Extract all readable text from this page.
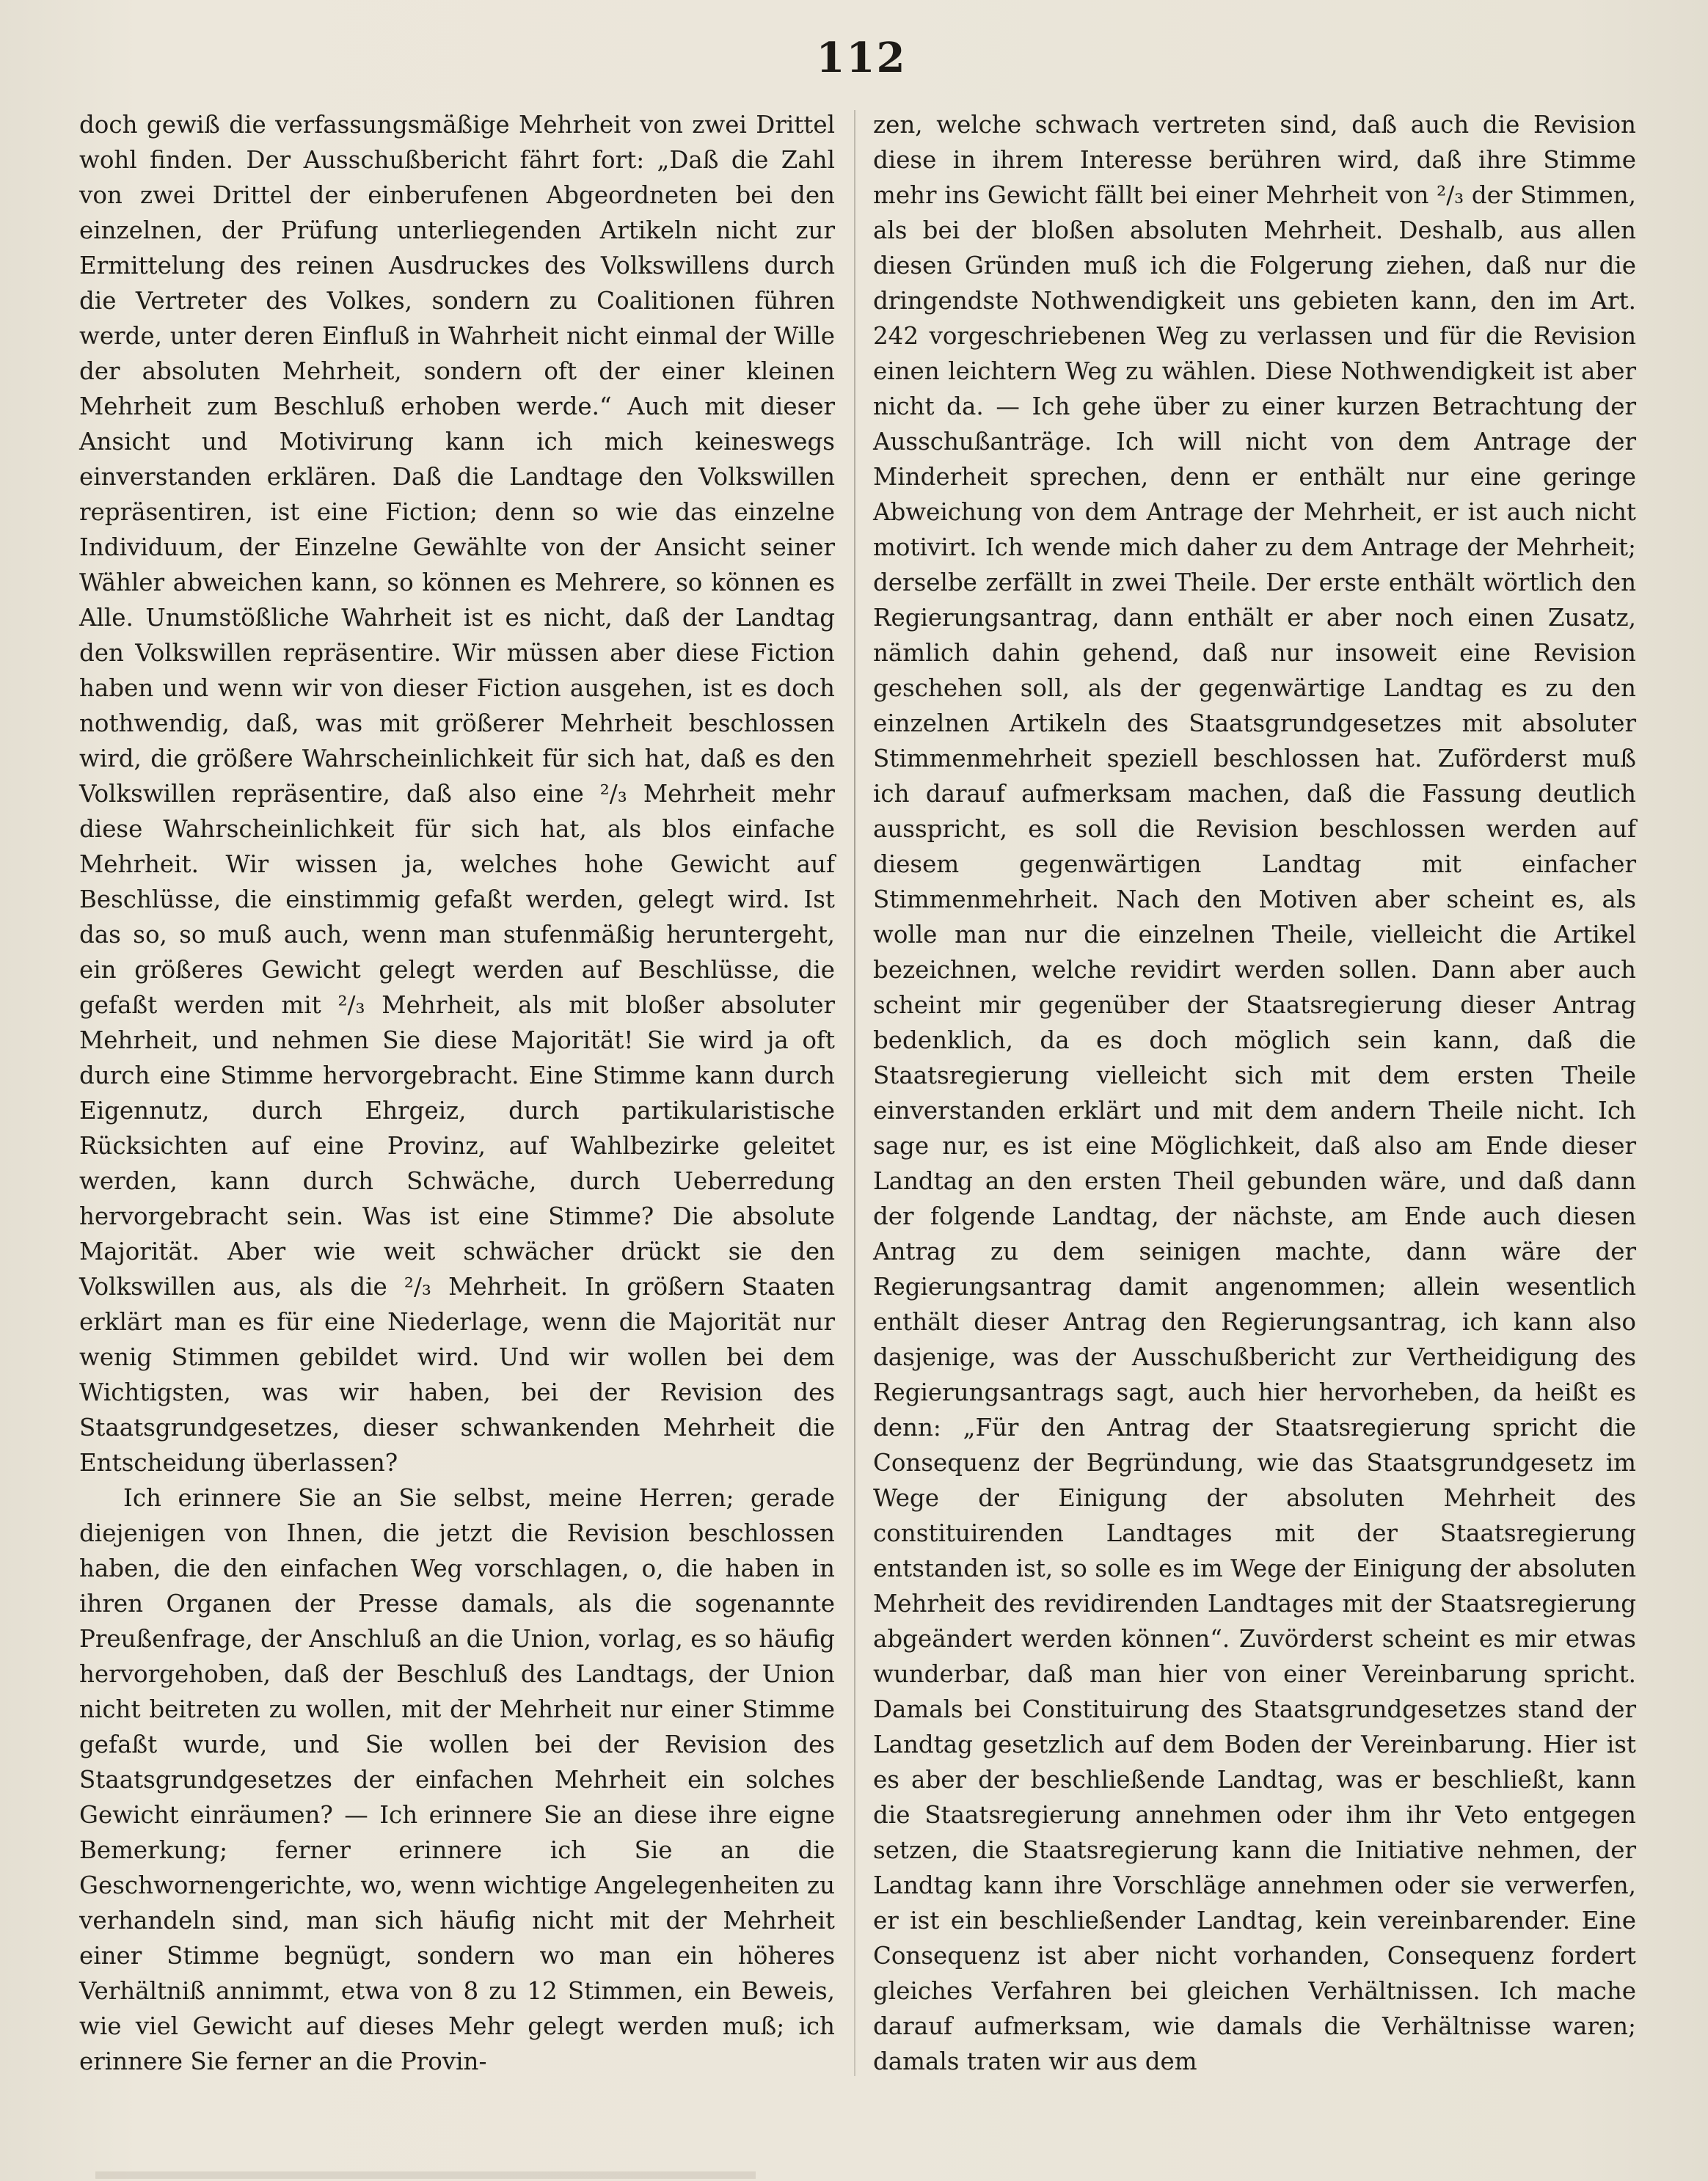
112

doch gewiß die verfassungsmäßige Mehrheit von zwei Drittel wohl finden. Der Ausschußbericht fährt fort: „Daß die Zahl von zwei Drittel der einberufenen Abgeordneten bei den einzelnen, der Prüfung unterliegenden Artikeln nicht zur Ermittelung des reinen Ausdruckes des Volkswillens durch die Vertreter des Volkes, sondern zu Coalitionen führen werde, unter deren Einfluß in Wahrheit nicht einmal der Wille der absoluten Mehrheit, sondern oft der einer kleinen Mehrheit zum Beschluß erhoben werde.“ Auch mit dieser Ansicht und Motivirung kann ich mich keineswegs einverstanden erklären. Daß die Landtage den Volkswillen repräsentiren, ist eine Fiction; denn so wie das einzelne Individuum, der Einzelne Gewählte von der Ansicht seiner Wähler abweichen kann, so können es Mehrere, so können es Alle. Unumstößliche Wahrheit ist es nicht, daß der Landtag den Volkswillen repräsentire. Wir müssen aber diese Fiction haben und wenn wir von dieser Fiction ausgehen, ist es doch nothwendig, daß, was mit größerer Mehrheit beschlossen wird, die größere Wahrscheinlichkeit für sich hat, daß es den Volkswillen repräsentire, daß also eine ²/₃ Mehrheit mehr diese Wahrscheinlichkeit für sich hat, als blos einfache Mehrheit. Wir wissen ja, welches hohe Gewicht auf Beschlüsse, die einstimmig gefaßt werden, gelegt wird. Ist das so, so muß auch, wenn man stufenmäßig heruntergeht, ein größeres Gewicht gelegt werden auf Beschlüsse, die gefaßt werden mit ²/₃ Mehrheit, als mit bloßer absoluter Mehrheit, und nehmen Sie diese Majorität! Sie wird ja oft durch eine Stimme hervorgebracht. Eine Stimme kann durch Eigennutz, durch Ehrgeiz, durch partikularistische Rücksichten auf eine Provinz, auf Wahlbezirke geleitet werden, kann durch Schwäche, durch Ueberredung hervorgebracht sein. Was ist eine Stimme? Die absolute Majorität. Aber wie weit schwächer drückt sie den Volkswillen aus, als die ²/₃ Mehrheit. In größern Staaten erklärt man es für eine Niederlage, wenn die Majorität nur wenig Stimmen gebildet wird. Und wir wollen bei dem Wichtigsten, was wir haben, bei der Revision des Staatsgrundgesetzes, dieser schwankenden Mehrheit die Entscheidung überlassen?

Ich erinnere Sie an Sie selbst, meine Herren; gerade diejenigen von Ihnen, die jetzt die Revision beschlossen haben, die den einfachen Weg vorschlagen, o, die haben in ihren Organen der Presse damals, als die sogenannte Preußenfrage, der Anschluß an die Union, vorlag, es so häufig hervorgehoben, daß der Beschluß des Landtags, der Union nicht beitreten zu wollen, mit der Mehrheit nur einer Stimme gefaßt wurde, und Sie wollen bei der Revision des Staatsgrundgesetzes der einfachen Mehrheit ein solches Gewicht einräumen? — Ich erinnere Sie an diese ihre eigne Bemerkung; ferner erinnere ich Sie an die Geschwornengerichte, wo, wenn wichtige Angelegenheiten zu verhandeln sind, man sich häufig nicht mit der Mehrheit einer Stimme begnügt, sondern wo man ein höheres Verhältniß annimmt, etwa von 8 zu 12 Stimmen, ein Beweis, wie viel Gewicht auf dieses Mehr gelegt werden muß; ich erinnere Sie ferner an die Provin-

zen, welche schwach vertreten sind, daß auch die Revision diese in ihrem Interesse berühren wird, daß ihre Stimme mehr ins Gewicht fällt bei einer Mehrheit von ²/₃ der Stimmen, als bei der bloßen absoluten Mehrheit. Deshalb, aus allen diesen Gründen muß ich die Folgerung ziehen, daß nur die dringendste Nothwendigkeit uns gebieten kann, den im Art. 242 vorgeschriebenen Weg zu verlassen und für die Revision einen leichtern Weg zu wählen. Diese Nothwendigkeit ist aber nicht da. — Ich gehe über zu einer kurzen Betrachtung der Ausschußanträge. Ich will nicht von dem Antrage der Minderheit sprechen, denn er enthält nur eine geringe Abweichung von dem Antrage der Mehrheit, er ist auch nicht motivirt. Ich wende mich daher zu dem Antrage der Mehrheit; derselbe zerfällt in zwei Theile. Der erste enthält wörtlich den Regierungsantrag, dann enthält er aber noch einen Zusatz, nämlich dahin gehend, daß nur insoweit eine Revision geschehen soll, als der gegenwärtige Landtag es zu den einzelnen Artikeln des Staatsgrundgesetzes mit absoluter Stimmenmehrheit speziell beschlossen hat. Zuförderst muß ich darauf aufmerksam machen, daß die Fassung deutlich ausspricht, es soll die Revision beschlossen werden auf diesem gegenwärtigen Landtag mit einfacher Stimmenmehrheit. Nach den Motiven aber scheint es, als wolle man nur die einzelnen Theile, vielleicht die Artikel bezeichnen, welche revidirt werden sollen. Dann aber auch scheint mir gegenüber der Staatsregierung dieser Antrag bedenklich, da es doch möglich sein kann, daß die Staatsregierung vielleicht sich mit dem ersten Theile einverstanden erklärt und mit dem andern Theile nicht. Ich sage nur, es ist eine Möglichkeit, daß also am Ende dieser Landtag an den ersten Theil gebunden wäre, und daß dann der folgende Landtag, der nächste, am Ende auch diesen Antrag zu dem seinigen machte, dann wäre der Regierungsantrag damit angenommen; allein wesentlich enthält dieser Antrag den Regierungsantrag, ich kann also dasjenige, was der Ausschußbericht zur Vertheidigung des Regierungsantrags sagt, auch hier hervorheben, da heißt es denn: „Für den Antrag der Staatsregierung spricht die Consequenz der Begründung, wie das Staatsgrundgesetz im Wege der Einigung der absoluten Mehrheit des constituirenden Landtages mit der Staatsregierung entstanden ist, so solle es im Wege der Einigung der absoluten Mehrheit des revidirenden Landtages mit der Staatsregierung abgeändert werden können“. Zuvörderst scheint es mir etwas wunderbar, daß man hier von einer Vereinbarung spricht. Damals bei Constituirung des Staatsgrundgesetzes stand der Landtag gesetzlich auf dem Boden der Vereinbarung. Hier ist es aber der beschließende Landtag, was er beschließt, kann die Staatsregierung annehmen oder ihm ihr Veto entgegen setzen, die Staatsregierung kann die Initiative nehmen, der Landtag kann ihre Vorschläge annehmen oder sie verwerfen, er ist ein beschließender Landtag, kein vereinbarender. Eine Consequenz ist aber nicht vorhanden, Consequenz fordert gleiches Verfahren bei gleichen Verhältnissen. Ich mache darauf aufmerksam, wie damals die Verhältnisse waren; damals traten wir aus dem
